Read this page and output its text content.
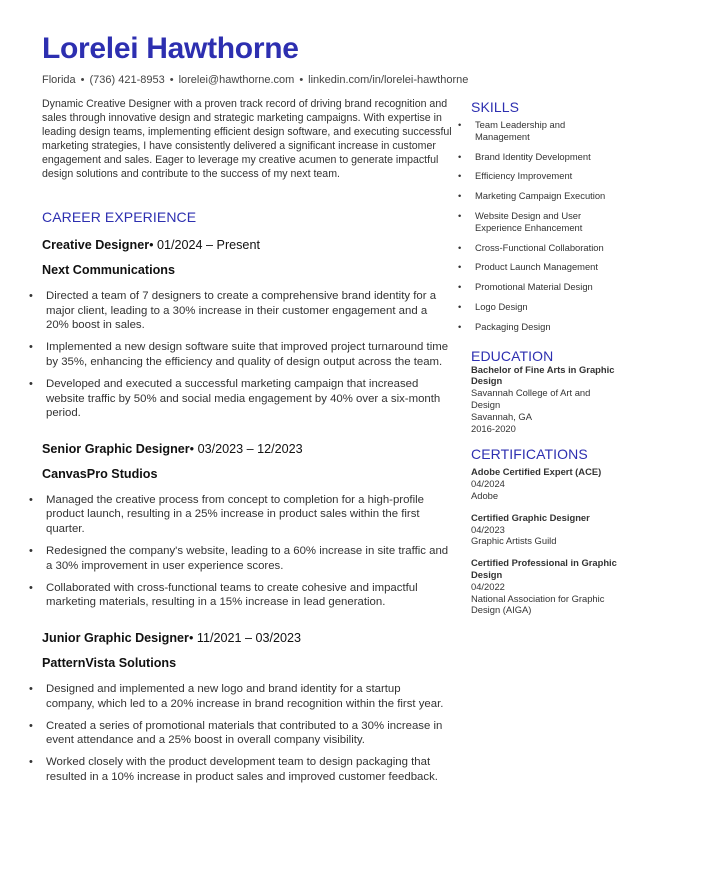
Lorelei Hawthorne
Florida • (736) 421-8953 • lorelei@hawthorne.com • linkedin.com/in/lorelei-hawthorne

Dynamic Creative Designer with a proven track record of driving brand recognition and sales through innovative design and strategic marketing campaigns. With expertise in leading design teams, implementing efficient design software, and executing successful marketing strategies, I have consistently delivered a significant increase in customer engagement and sales. Eager to leverage my creative acumen to generate impactful design solutions and contribute to the success of my next team.

CAREER EXPERIENCE
Creative Designer• 01/2024 – Present
Next Communications
• Directed a team of 7 designers to create a comprehensive brand identity for a major client, leading to a 30% increase in their customer engagement and a 20% boost in sales.
• Implemented a new design software suite that improved project turnaround time by 35%, enhancing the efficiency and quality of design output across the team.
• Developed and executed a successful marketing campaign that increased website traffic by 50% and social media engagement by 40% over a six-month period.
Senior Graphic Designer• 03/2023 – 12/2023
CanvasPro Studios
• Managed the creative process from concept to completion for a high-profile product launch, resulting in a 25% increase in product sales within the first quarter.
• Redesigned the company's website, leading to a 60% increase in site traffic and a 30% improvement in user experience scores.
• Collaborated with cross-functional teams to create cohesive and impactful marketing materials, resulting in a 15% increase in lead generation.
Junior Graphic Designer• 11/2021 – 03/2023
PatternVista Solutions
• Designed and implemented a new logo and brand identity for a startup company, which led to a 20% increase in brand recognition within the first year.
• Created a series of promotional materials that contributed to a 30% increase in event attendance and a 25% boost in overall company visibility.
• Worked closely with the product development team to design packaging that resulted in a 10% increase in product sales and improved customer feedback.
SKILLS
• Team Leadership and Management
• Brand Identity Development
• Efficiency Improvement
• Marketing Campaign Execution
• Website Design and User Experience Enhancement
• Cross-Functional Collaboration
• Product Launch Management
• Promotional Material Design
• Logo Design
• Packaging Design
EDUCATION
Bachelor of Fine Arts in Graphic Design
Savannah College of Art and Design
Savannah, GA
2016-2020
CERTIFICATIONS
Adobe Certified Expert (ACE)
04/2024
Adobe
Certified Graphic Designer
04/2023
Graphic Artists Guild
Certified Professional in Graphic Design
04/2022
National Association for Graphic Design (AIGA)
